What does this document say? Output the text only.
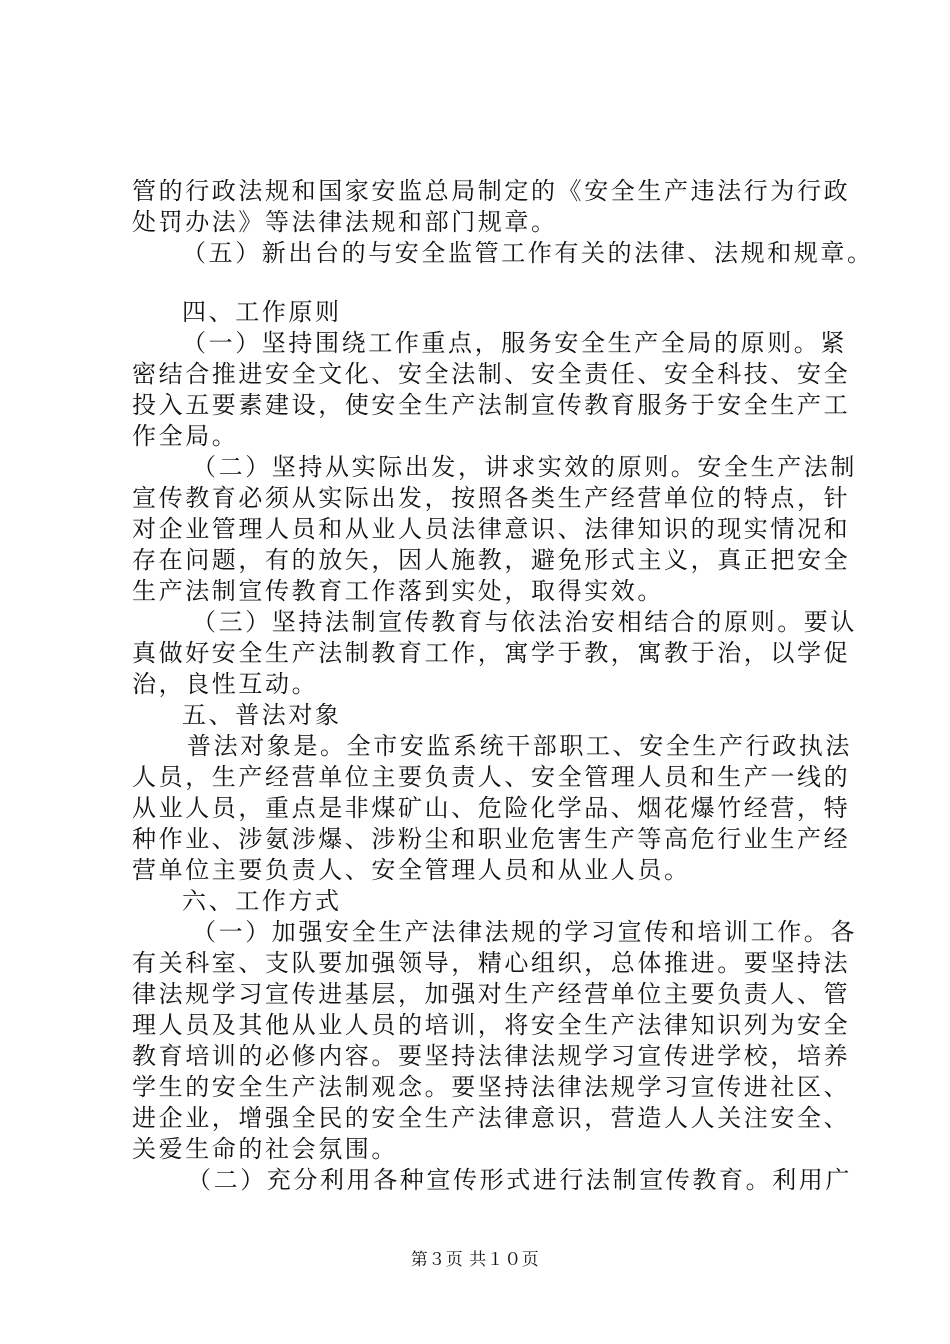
管的行政法规和国家安监总局制定的《安全生产违法行为行政
处罚办法》等法律法规和部门规章。
（五）新出台的与安全监管工作有关的法律、法规和规章。
四、工作原则
（一）坚持围绕工作重点，服务安全生产全局的原则。紧
密结合推进安全文化、安全法制、安全责任、安全科技、安全
投入五要素建设，使安全生产法制宣传教育服务于安全生产工
作全局。
（二）坚持从实际出发，讲求实效的原则。安全生产法制
宣传教育必须从实际出发，按照各类生产经营单位的特点，针
对企业管理人员和从业人员法律意识、法律知识的现实情况和
存在问题，有的放矢，因人施教，避免形式主义，真正把安全
生产法制宣传教育工作落到实处，取得实效。
（三）坚持法制宣传教育与依法治安相结合的原则。要认
真做好安全生产法制教育工作，寓学于教，寓教于治，以学促
治，良性互动。
五、普法对象
普法对象是。全市安监系统干部职工、安全生产行政执法
人员，生产经营单位主要负责人、安全管理人员和生产一线的
从业人员，重点是非煤矿山、危险化学品、烟花爆竹经营，特
种作业、涉氨涉爆、涉粉尘和职业危害生产等高危行业生产经
营单位主要负责人、安全管理人员和从业人员。
六、工作方式
（一）加强安全生产法律法规的学习宣传和培训工作。各
有关科室、支队要加强领导，精心组织，总体推进。要坚持法
律法规学习宣传进基层，加强对生产经营单位主要负责人、管
理人员及其他从业人员的培训，将安全生产法律知识列为安全
教育培训的必修内容。要坚持法律法规学习宣传进学校，培养
学生的安全生产法制观念。要坚持法律法规学习宣传进社区、
进企业，增强全民的安全生产法律意识，营造人人关注安全、
关爱生命的社会氛围。
（二）充分利用各种宣传形式进行法制宣传教育。利用广
第３页 共１０页
